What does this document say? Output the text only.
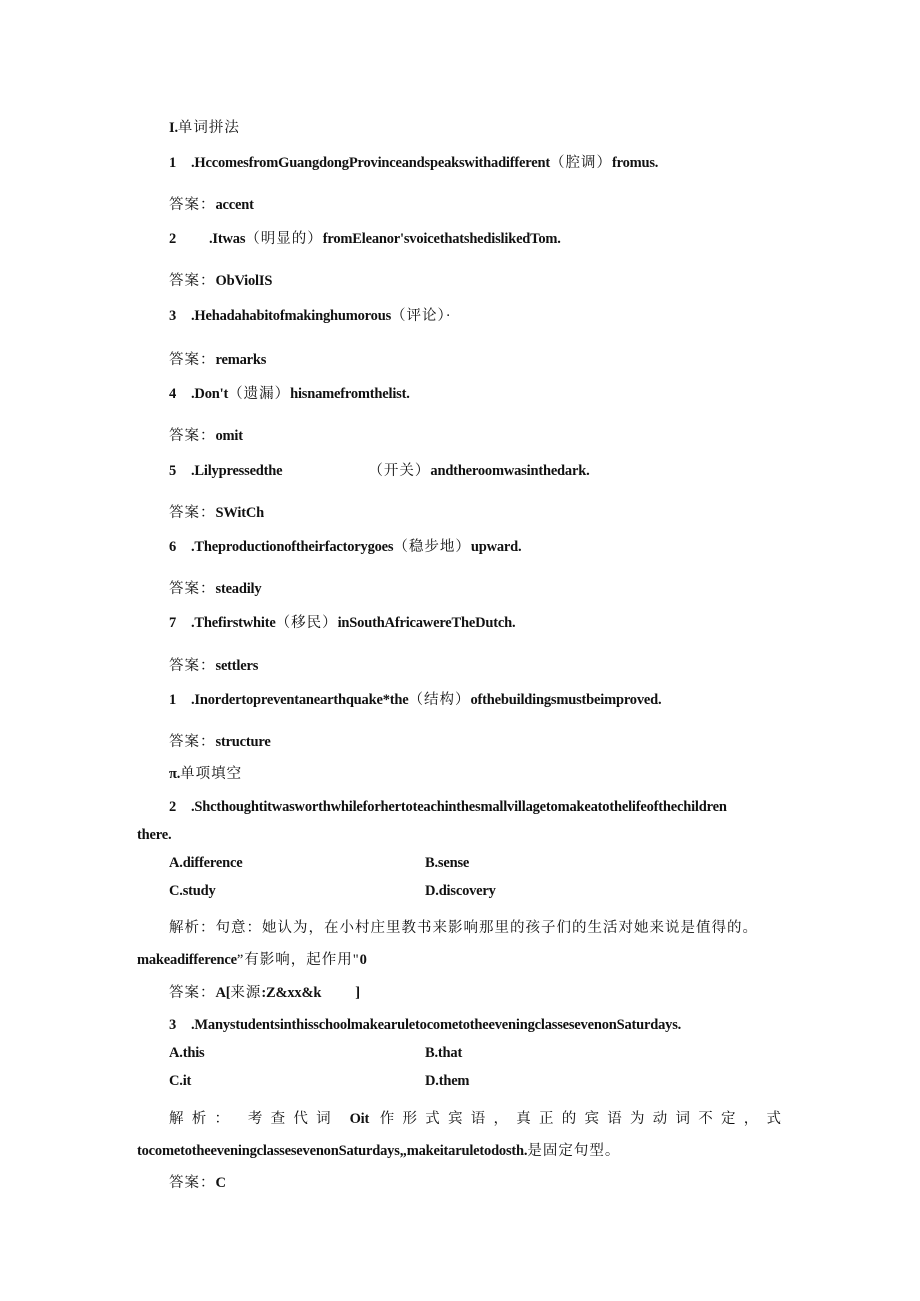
I.单词拼法
1 .HccomesfromGuangdongProvinceandspeakswithadifferent（腔调）fromus.
答案：accent
2 .Itwas（明显的）fromEleanor'svoicethatshedislikedTom.
答案：ObViolIS
3 .Hehadahabitofmakinghumorous（评论）·
答案：remarks
4 .Don't（遗漏）hisnamefromthelist.
答案：omit
5 .Lilypressedthe	（开关）andtheroomwasinthedark.
答案：SWitCh
6 .Theproductionoftheirfactorygoes（稳步地）upward.
答案：steadily
7 .Thefirstwhite（移民）inSouthAfricawereTheDutch.
答案：settlers
1 .Inordertopreventanearthquake*the（结构）ofthebuildingsmustbeimproved.
答案：structure
π.单项填空
2 .Shcthoughtitwasworthwhileforhertoteachinthesmallvillagetomakeatothelifeofthechildren
there.
A.difference	B.sense
C.study	D.discovery
解析：句意：她认为，在小村庄里教书来影响那里的孩子们的生活对她来说是值得的。
makeadifference”有影响，起作用"0
答案：A[来源:Z&xx&k ]
3 .ManystudentsinthisschoolmakearuletocometotheeveningclassesevenonSaturdays.
A.this	B.that
C.it	D.them
解析： 考查代词 Oit 作形式宾语，真正的宾语为动词不定，式
tocometotheeveningclassesevenonSaturdays„makeitaruletodosth.是固定句型。
答案：C
